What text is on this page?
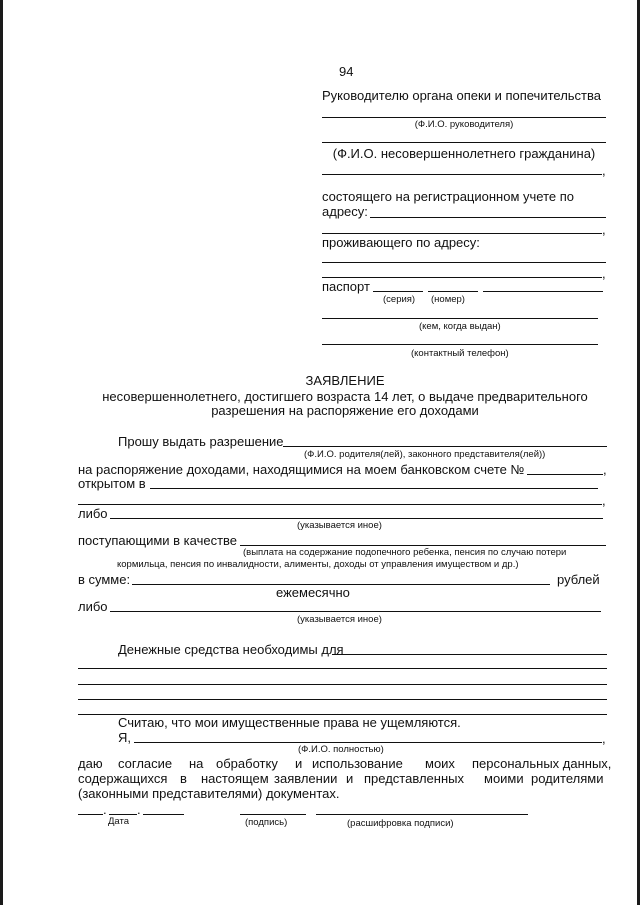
94
Руководителю органа опеки и попечительства
(Ф.И.О. руководителя)
(Ф.И.О. несовершеннолетнего гражданина)
,
состоящего на регистрационном учете по
адресу:
,
проживающего по адресу:
,
паспорт
(серия) (номер)
(кем, когда выдан)
(контактный телефон)
ЗАЯВЛЕНИЕ
несовершеннолетнего, достигшего возраста 14 лет, о выдаче предварительного
разрешения на распоряжение его доходами
Прошу выдать разрешение
(Ф.И.О. родителя(лей), законного представителя(лей))
на распоряжение доходами, находящимися на моем банковском счете №	,
открытом в
,
либо
(указывается иное)
поступающими в качестве
(выплата на содержание подопечного ребенка, пенсия по случаю потери
кормильца, пенсия по инвалидности, алименты, доходы от управления имуществом и др.)
в сумме:	рублей
ежемесячно
либо
(указывается иное)
Денежные средства необходимы для
Считаю, что мои имущественные права не ущемляются.
Я,	,
(Ф.И.О. полностью)
даю согласие на обработку и использование моих персональных данных,
содержащихся в настоящем заявлении и представленных моими родителями
(законными представителями) документах.
. .
Дата	(подпись)	(расшифровка подписи)
